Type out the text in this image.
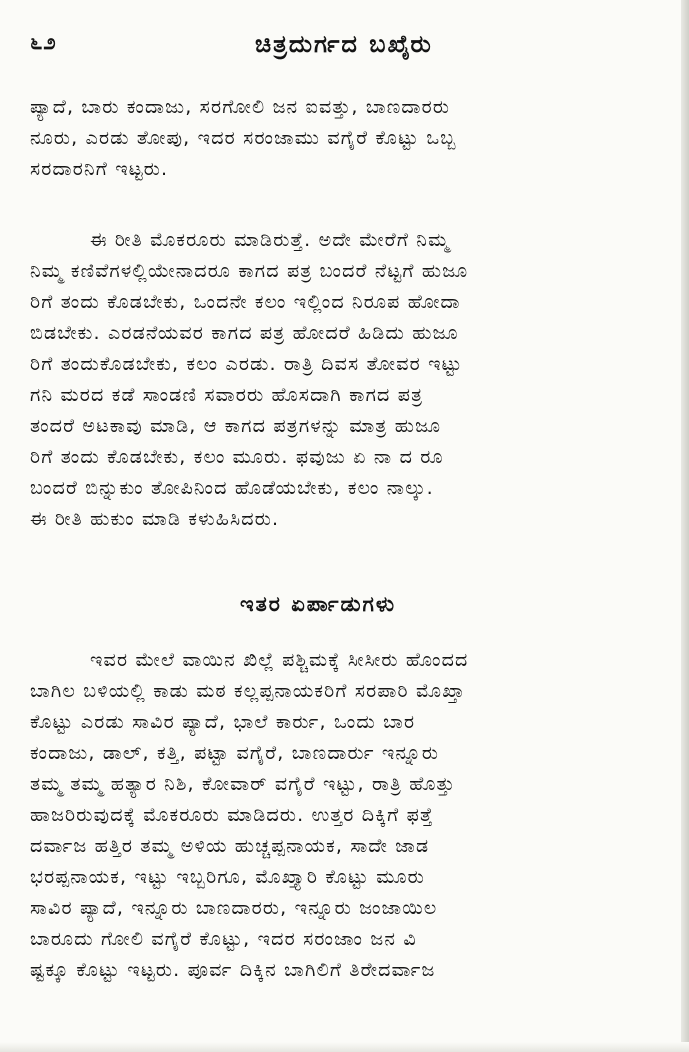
೬೨	ಚಿತ್ರದುರ್ಗದ ಬಖೈರು
ಪ್ಯಾದೆ, ಬಾರು ಕಂದಾಜು, ಸರಗೋಲಿ ಜನ ಐವತ್ತು, ಬಾಣದಾರರು
ನೂರು, ಎರಡು ತೋಪು, ಇದರ ಸರಂಜಾಮು ವಗೈರೆ ಕೊಟ್ಟು ಒಬ್ಬ
ಸರದಾರನಿಗೆ ಇಟ್ಟರು.
ಈ ರೀತಿ ಮೊಕರೂರು ಮಾಡಿರುತ್ತೆ. ಅದೇ ಮೇರೆಗೆ ನಿಮ್ಮ
ನಿಮ್ಮ ಕಣಿವೆಗಳಲ್ಲಿಯೇನಾದರೂ ಕಾಗದ ಪತ್ರ ಬಂದರೆ ನೆಟ್ಟಗೆ ಹುಜೂ
ರಿಗೆ ತಂದು ಕೊಡಬೇಕು, ಒಂದನೇ ಕಲಂ ಇಲ್ಲಿಂದ ನಿರೂಪ ಹೋದಾ
ಬಿಡಬೇಕು. ಎರಡನೆಯವರ ಕಾಗದ ಪತ್ರ ಹೋದರೆ ಹಿಡಿದು ಹುಜೂ
ರಿಗೆ ತಂದುಕೊಡಬೇಕು, ಕಲಂ ಎರಡು. ರಾತ್ರಿ ದಿವಸ ತೋವರ ಇಟ್ಟು
ಗನಿ ಮರದ ಕಡೆ ಸಾಂಡಣಿ ಸವಾರರು ಹೊಸದಾಗಿ ಕಾಗದ ಪತ್ರ
ತಂದರೆ ಅಟಕಾವು ಮಾಡಿ, ಆ ಕಾಗದ ಪತ್ರಗಳನ್ನು ಮಾತ್ರ ಹುಜೂ
ರಿಗೆ ತಂದು ಕೊಡಬೇಕು, ಕಲಂ ಮೂರು. ಫವುಜು ಏ ನಾ ದ ರೂ
ಬಂದರೆ ಬಿನ್ನುಕುಂ ತೋಪಿನಿಂದ ಹೊಡೆಯಬೇಕು, ಕಲಂ ನಾಲ್ಕು.
ಈ ರೀತಿ ಹುಕುಂ ಮಾಡಿ ಕಳುಹಿಸಿದರು.
ಇತರ ಏರ್ಪಾಡುಗಳು
ಇವರ ಮೇಲೆ ವಾಯಿನ ಖಿಲ್ಲೆ ಪಶ್ಚಿಮಕ್ಕೆ ಸೀಸೀರು ಹೊಂದದ
ಬಾಗಿಲ ಬಳಿಯಲ್ಲಿ ಕಾಡು ಮಠ ಕಲ್ಲಪ್ಪನಾಯಕರಿಗೆ ಸರಪಾರಿ ಮೊಖ್ತಾ
ಕೊಟ್ಟು ಎರಡು ಸಾವಿರ ಪ್ಯಾದೆ, ಭಾಲೆ ಕಾರ್ರು, ಒಂದು ಬಾರ
ಕಂದಾಜು, ಡಾಲ್, ಕತ್ತಿ, ಪಟ್ಟಾ ವಗೈರೆ, ಬಾಣದಾರ್ರು ಇನ್ನೂರು
ತಮ್ಮ ತಮ್ಮ ಹತ್ಯಾರ ನಿಶಿ, ಕೋವಾರ್ ವಗೈರೆ ಇಟ್ಟು, ರಾತ್ರಿ ಹೊತ್ತು
ಹಾಜರಿರುವುದಕ್ಕೆ ಮೊಕರೂರು ಮಾಡಿದರು. ಉತ್ತರ ದಿಕ್ಕಿಗೆ ಫತ್ತೆ
ದರ್ವಾಜ ಹತ್ತಿರ ತಮ್ಮ ಅಳಿಯ ಹುಚ್ಚಪ್ಪನಾಯಕ, ಸಾದೇ ಜಾಡ
ಭರಪ್ಪನಾಯಕ, ಇಟ್ಟು ಇಬ್ಬರಿಗೂ, ಮೊಖ್ತ್ಯಾರಿ ಕೊಟ್ಟು ಮೂರು
ಸಾವಿರ ಪ್ಯಾದೆ, ಇನ್ನೂರು ಬಾಣದಾರರು, ಇನ್ನೂರು ಜಂಜಾಯಿಲ
ಬಾರೂದು ಗೋಲಿ ವಗೈರೆ ಕೊಟ್ಟು, ಇದರ ಸರಂಜಾಂ ಜನ ವಿ
ಷ್ಟಕ್ಕೂ ಕೊಟ್ಟು ಇಟ್ಟರು. ಪೂರ್ವ ದಿಕ್ಕಿನ ಬಾಗಿಲಿಗೆ ತಿರೇದರ್ವಾಜ
